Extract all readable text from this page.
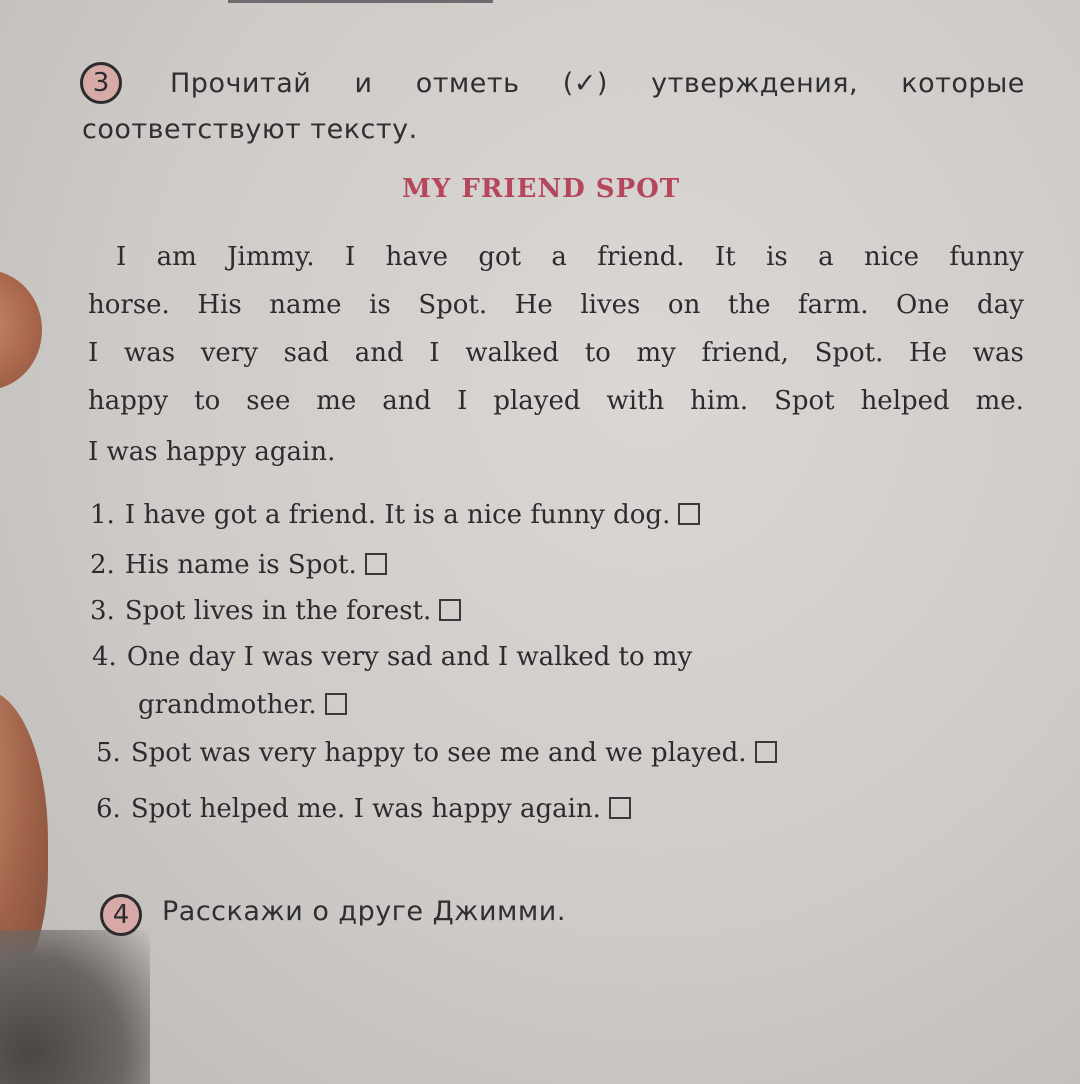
3	Прочитай и отметь (✓) утверждения, которые
соответствуют тексту.
MY FRIEND SPOT
I am Jimmy. I have got a friend. It is a nice funny
horse. His name is Spot. He lives on the farm. One day
I was very sad and I walked to my friend, Spot. He was
happy to see me and I played with him. Spot helped me.
I was happy again.
1. I have got a friend. It is a nice funny dog.
2. His name is Spot.
3. Spot lives in the forest.
4. One day I was very sad and I walked to my
grandmother.
5. Spot was very happy to see me and we played.
6. Spot helped me. I was happy again.
4	Расскажи о друге Джимми.
